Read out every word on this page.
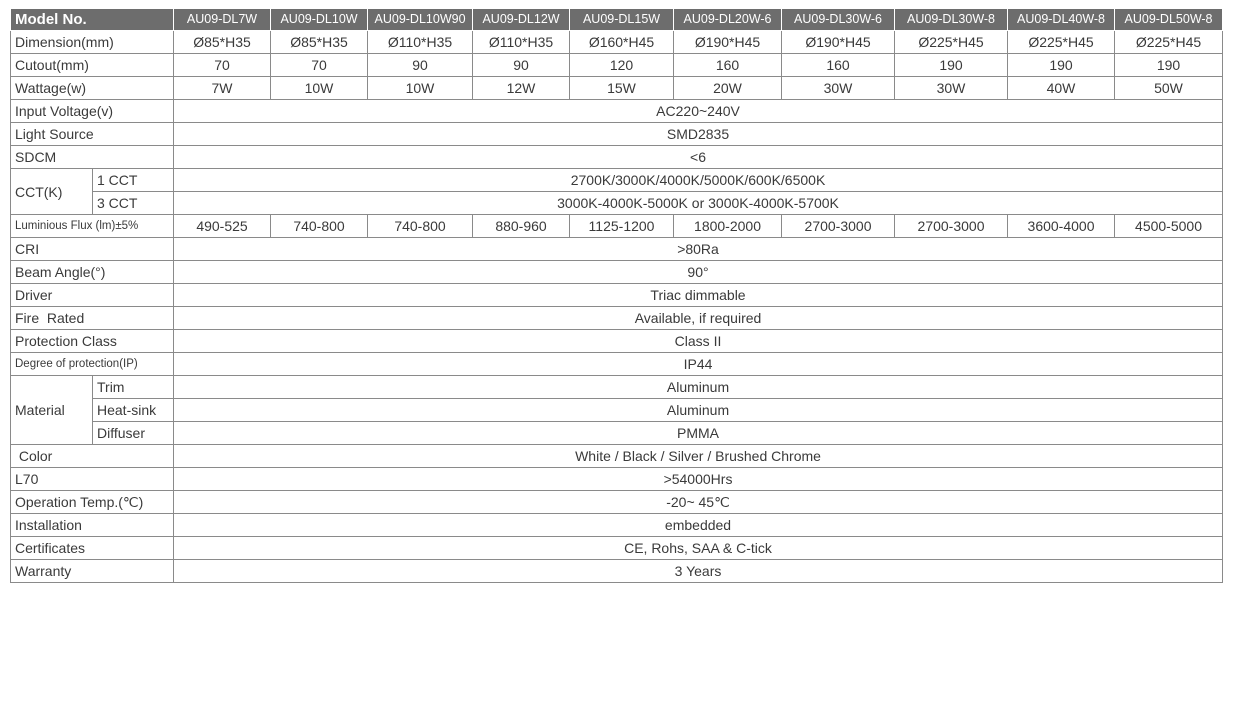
Model No.		AU09-DL7W	AU09-DL10W	AU09-DL10W90	AU09-DL12W	AU09-DL15W	AU09-DL20W-6	AU09-DL30W-6	AU09-DL30W-8	AU09-DL40W-8	AU09-DL50W-8
Dimension(mm)		Ø85*H35	Ø85*H35	Ø110*H35	Ø110*H35	Ø160*H45	Ø190*H45	Ø190*H45	Ø225*H45	Ø225*H45	Ø225*H45
Cutout(mm)		70	70	90	90	120	160	160	190	190	190
Wattage(w)		7W	10W	10W	12W	15W	20W	30W	30W	40W	50W
Input Voltage(v)		AC220~240V									
Light Source		SMD2835									
SDCM		<6									
CCT(K)	1 CCT	2700K/3000K/4000K/5000K/600K/6500K									
	3 CCT	3000K-4000K-5000K or 3000K-4000K-5700K									
Luminious Flux (lm)±5%		490-525	740-800	740-800	880-960	1125-1200	1800-2000	2700-3000	2700-3000	3600-4000	4500-5000
CRI		>80Ra									
Beam Angle(°)		90°									
Driver		Triac dimmable									
Fire  Rated		Available, if required									
Protection Class		Class II									
Degree of protection(IP)		IP44									
Material	Trim	Aluminum									
	Heat-sink	Aluminum									
	Diffuser	PMMA									
Color		White / Black / Silver / Brushed Chrome									
L70		>54000Hrs									
Operation Temp.(℃)		-20~ 45℃									
Installation		embedded									
Certificates		CE, Rohs, SAA & C-tick									
Warranty		3 Years									
